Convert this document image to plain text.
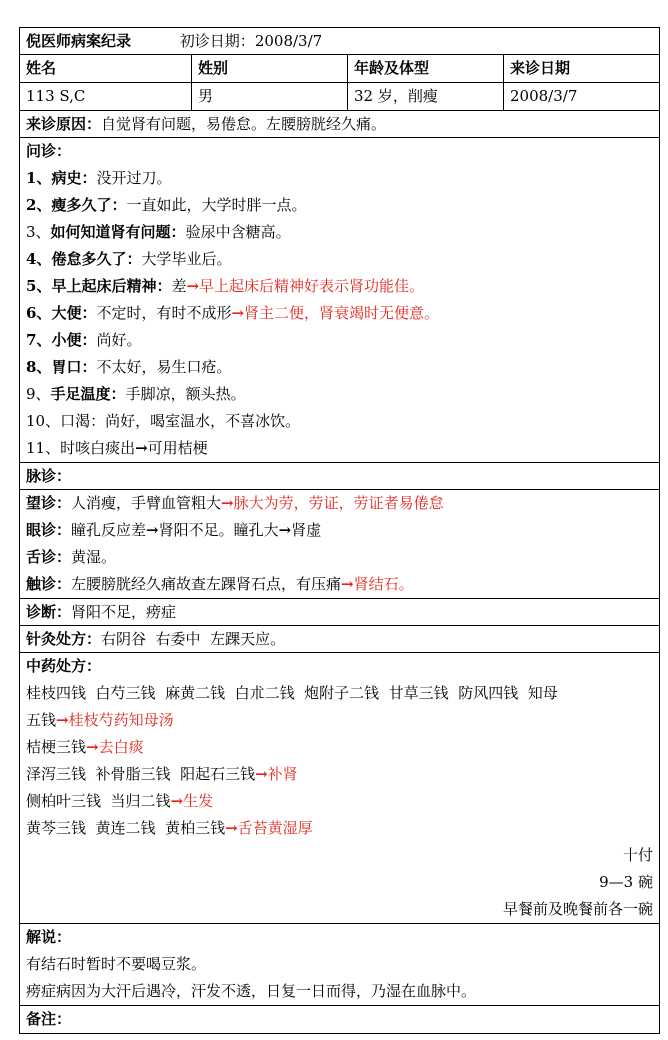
倪医师病案纪录	初诊日期：2008/3/7
姓名	姓别	年龄及体型	来诊日期
113 S,C	男	32 岁，削瘦	2008/3/7
来诊原因：自觉肾有问题，易倦怠。左腰膀胱经久痛。
问诊：
1、病史：没开过刀。
2、瘦多久了：一直如此，大学时胖一点。
3、如何知道肾有问题：验尿中含糖高。
4、倦怠多久了：大学毕业后。
5、早上起床后精神：差→早上起床后精神好表示肾功能佳。
6、大便：不定时，有时不成形→肾主二便，肾衰竭时无便意。
7、小便：尚好。
8、胃口：不太好，易生口疮。
9、手足温度：手脚凉，额头热。
10、口渴：尚好，喝室温水，不喜冰饮。
11、时咳白痰出→可用桔梗
脉诊：
望诊：人消瘦，手臂血管粗大→脉大为劳，劳证，劳证者易倦怠
眼诊：瞳孔反应差→肾阳不足。瞳孔大→肾虚
舌诊：黄湿。
触诊：左腰膀胱经久痛故查左踝肾石点，有压痛→肾结石。
诊断：肾阳不足，痨症
针灸处方：右阴谷  右委中  左踝天应。
中药处方：
桂枝四钱  白芍三钱  麻黄二钱  白朮二钱  炮附子二钱  甘草三钱  防风四钱  知母
五钱→桂枝芍药知母汤
桔梗三钱→去白痰
泽泻三钱  补骨脂三钱  阳起石三钱→补肾
侧柏叶三钱  当归二钱→生发
黄芩三钱  黄连二钱  黄柏三钱→舌苔黄湿厚
十付
9—3 碗
早餐前及晚餐前各一碗
解说：
有结石时暂时不要喝豆浆。
痨症病因为大汗后遇冷，汗发不透，日复一日而得，乃湿在血脉中。
备注：
